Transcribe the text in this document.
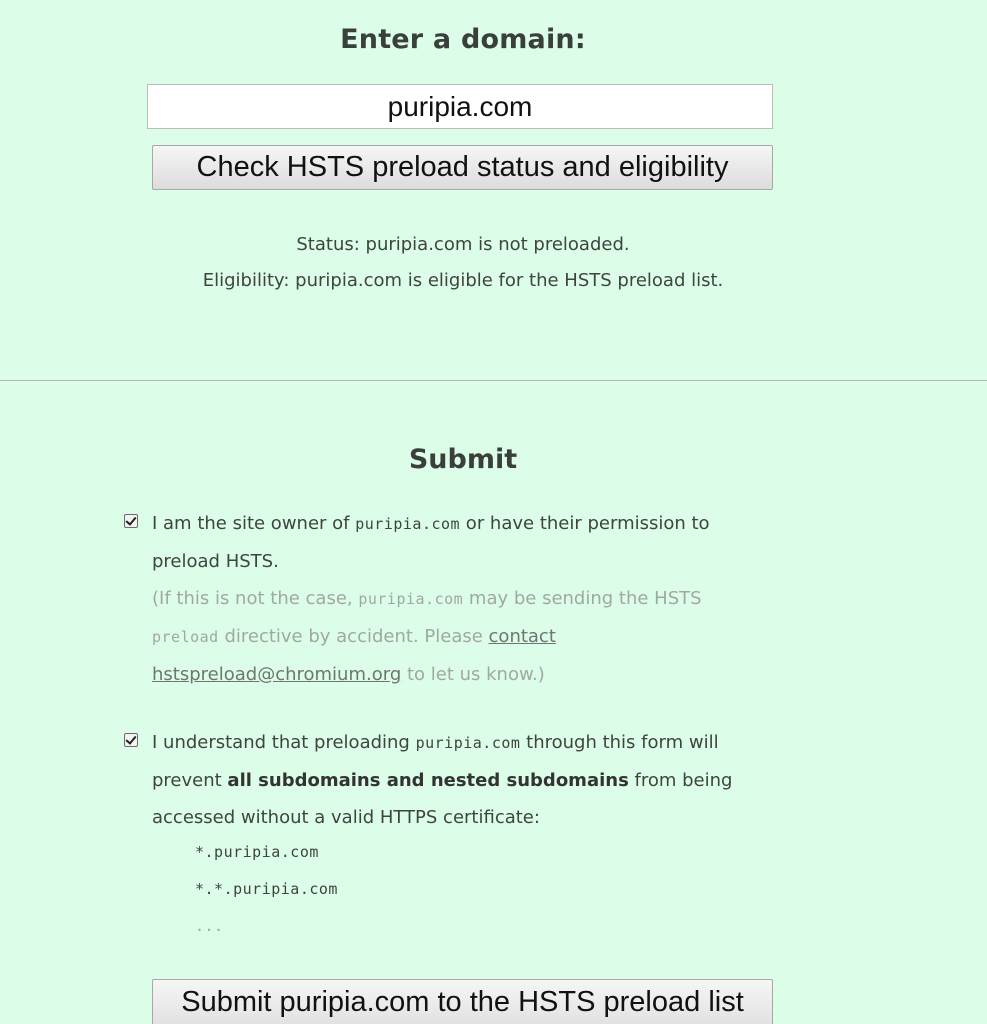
Enter a domain:
puripia.com
Check HSTS preload status and eligibility
Status: puripia.com is not preloaded.
Eligibility: puripia.com is eligible for the HSTS preload list.
Submit
I am the site owner of puripia.com or have their permission to preload HSTS.
(If this is not the case, puripia.com may be sending the HSTS preload directive by accident. Please contact hstspreload@chromium.org to let us know.)
I understand that preloading puripia.com through this form will prevent all subdomains and nested subdomains from being accessed without a valid HTTPS certificate:
*.puripia.com
*.*.puripia.com
...
Submit puripia.com to the HSTS preload list
